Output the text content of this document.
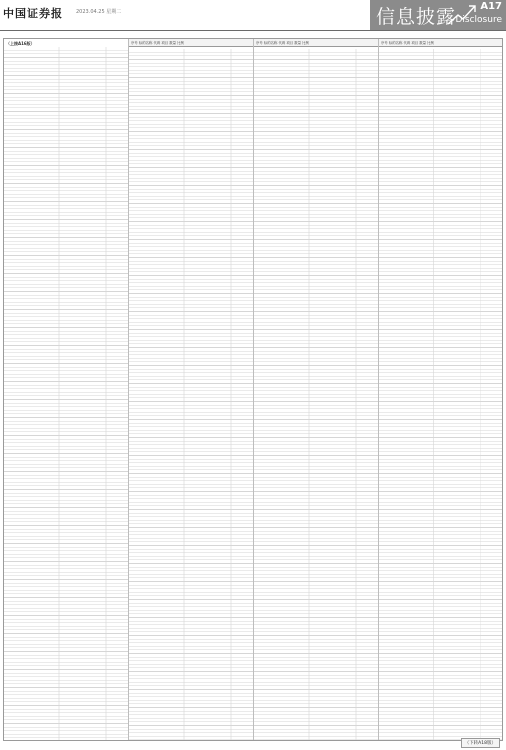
中国证券报	2023.04.25 星期二	信息披露 A17
Disclosure
（上接A16版）	序号 标的名称 代码 项目 数量 比例	序号 标的名称 代码 项目 数量 比例	序号 标的名称 代码 项目 数量 比例
（下转A18版）
